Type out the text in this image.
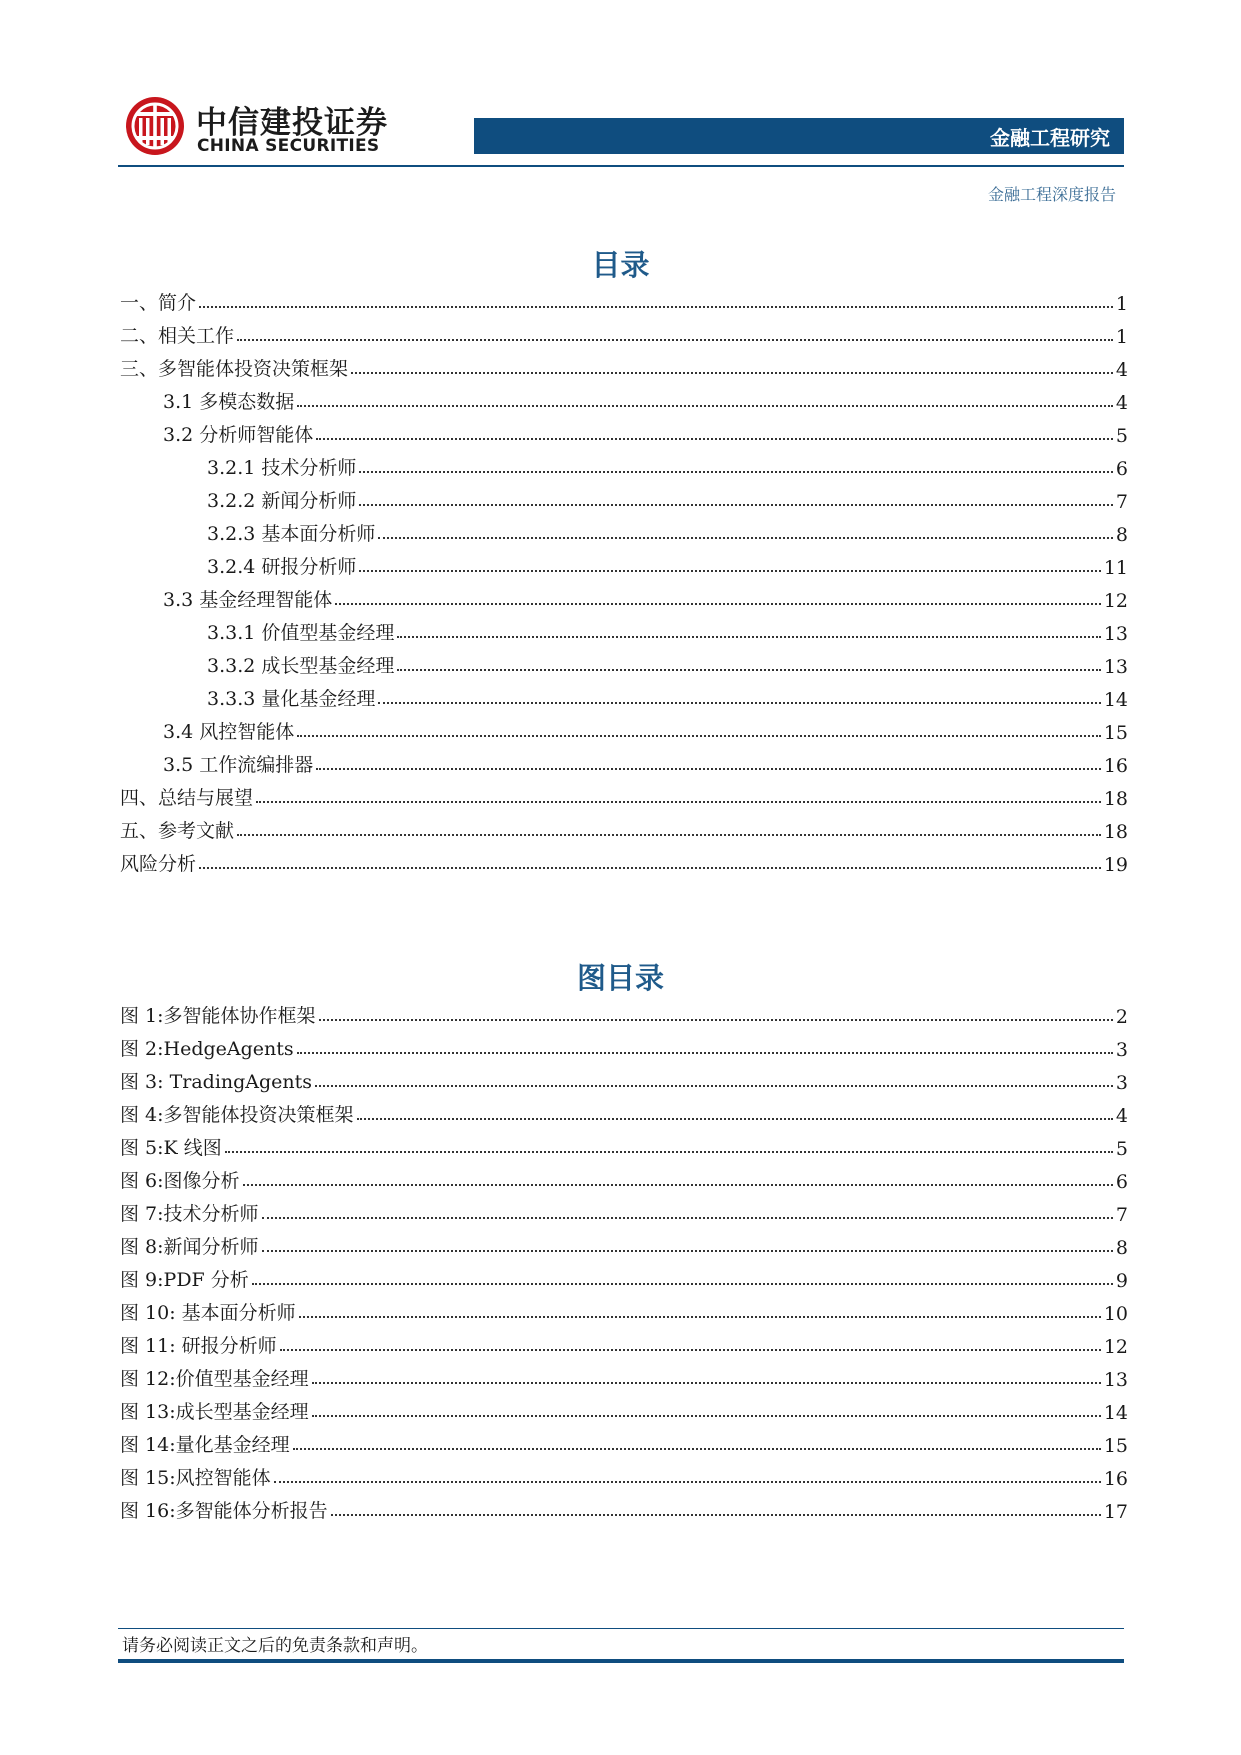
中信建投证券
CHINA SECURITIES	金融工程研究
金融工程深度报告
目录
一、简介	1
二、相关工作	1
三、多智能体投资决策框架	4
3.1 多模态数据	4
3.2 分析师智能体	5
3.2.1 技术分析师	6
3.2.2 新闻分析师	7
3.2.3 基本面分析师	8
3.2.4 研报分析师	11
3.3 基金经理智能体	12
3.3.1 价值型基金经理	13
3.3.2 成长型基金经理	13
3.3.3 量化基金经理	14
3.4 风控智能体	15
3.5 工作流编排器	16
四、总结与展望	18
五、参考文献	18
风险分析	19
图目录
图 1:多智能体协作框架	2
图 2:HedgeAgents	3
图 3: TradingAgents	3
图 4:多智能体投资决策框架	4
图 5:K 线图	5
图 6:图像分析	6
图 7:技术分析师	7
图 8:新闻分析师	8
图 9:PDF 分析	9
图 10: 基本面分析师	10
图 11: 研报分析师	12
图 12:价值型基金经理	13
图 13:成长型基金经理	14
图 14:量化基金经理	15
图 15:风控智能体	16
图 16:多智能体分析报告	17
请务必阅读正文之后的免责条款和声明。
